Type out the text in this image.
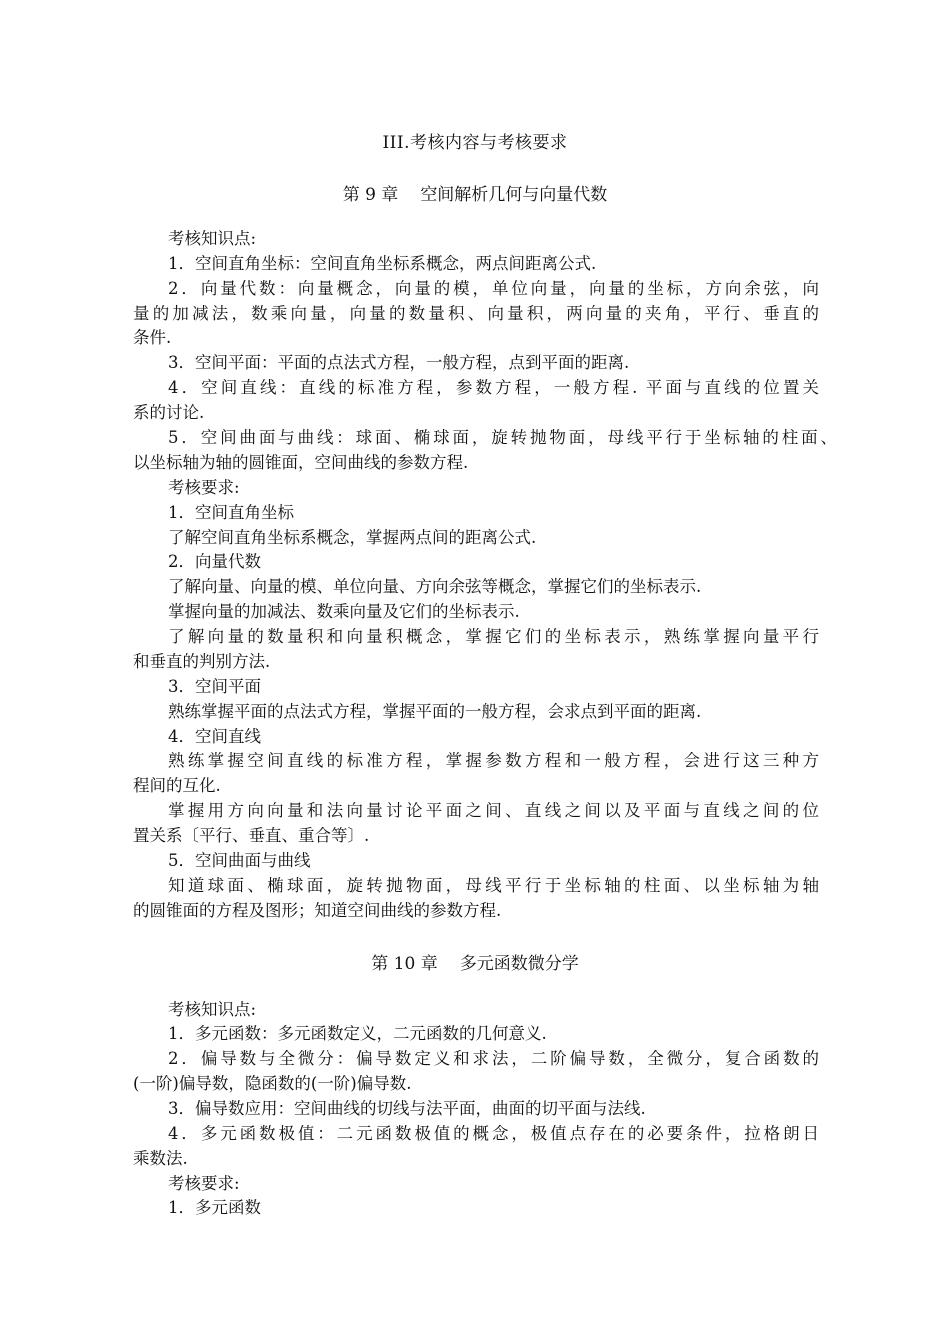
III.考核内容与考核要求
第 9 章 空间解析几何与向量代数
考核知识点:
1．空间直角坐标：空间直角坐标系概念，两点间距离公式.
2．向量代数：向量概念，向量的模，单位向量，向量的坐标，方向余弦，向
量的加减法，数乘向量，向量的数量积、向量积，两向量的夹角，平行、垂直的
条件.
3．空间平面：平面的点法式方程，一般方程，点到平面的距离.
4．空间直线：直线的标准方程，参数方程，一般方程. 平面与直线的位置关
系的讨论.
5．空间曲面与曲线：球面、椭球面，旋转抛物面，母线平行于坐标轴的柱面、
以坐标轴为轴的圆锥面，空间曲线的参数方程.
考核要求:
1．空间直角坐标
了解空间直角坐标系概念，掌握两点间的距离公式.
2．向量代数
了解向量、向量的模、单位向量、方向余弦等概念，掌握它们的坐标表示.
掌握向量的加减法、数乘向量及它们的坐标表示.
了解向量的数量积和向量积概念，掌握它们的坐标表示，熟练掌握向量平行
和垂直的判别方法.
3．空间平面
熟练掌握平面的点法式方程，掌握平面的一般方程，会求点到平面的距离.
4．空间直线
熟练掌握空间直线的标准方程，掌握参数方程和一般方程，会进行这三种方
程间的互化.
掌握用方向向量和法向量讨论平面之间、直线之间以及平面与直线之间的位
置关系〔平行、垂直、重合等〕.
5．空间曲面与曲线
知道球面、椭球面，旋转抛物面，母线平行于坐标轴的柱面、以坐标轴为轴
的圆锥面的方程及图形；知道空间曲线的参数方程.
第 10 章 多元函数微分学
考核知识点:
1．多元函数：多元函数定义，二元函数的几何意义.
2．偏导数与全微分：偏导数定义和求法，二阶偏导数，全微分，复合函数的
(一阶)偏导数，隐函数的(一阶)偏导数.
3．偏导数应用：空间曲线的切线与法平面，曲面的切平面与法线.
4．多元函数极值：二元函数极值的概念，极值点存在的必要条件，拉格朗日
乘数法.
考核要求:
1．多元函数
